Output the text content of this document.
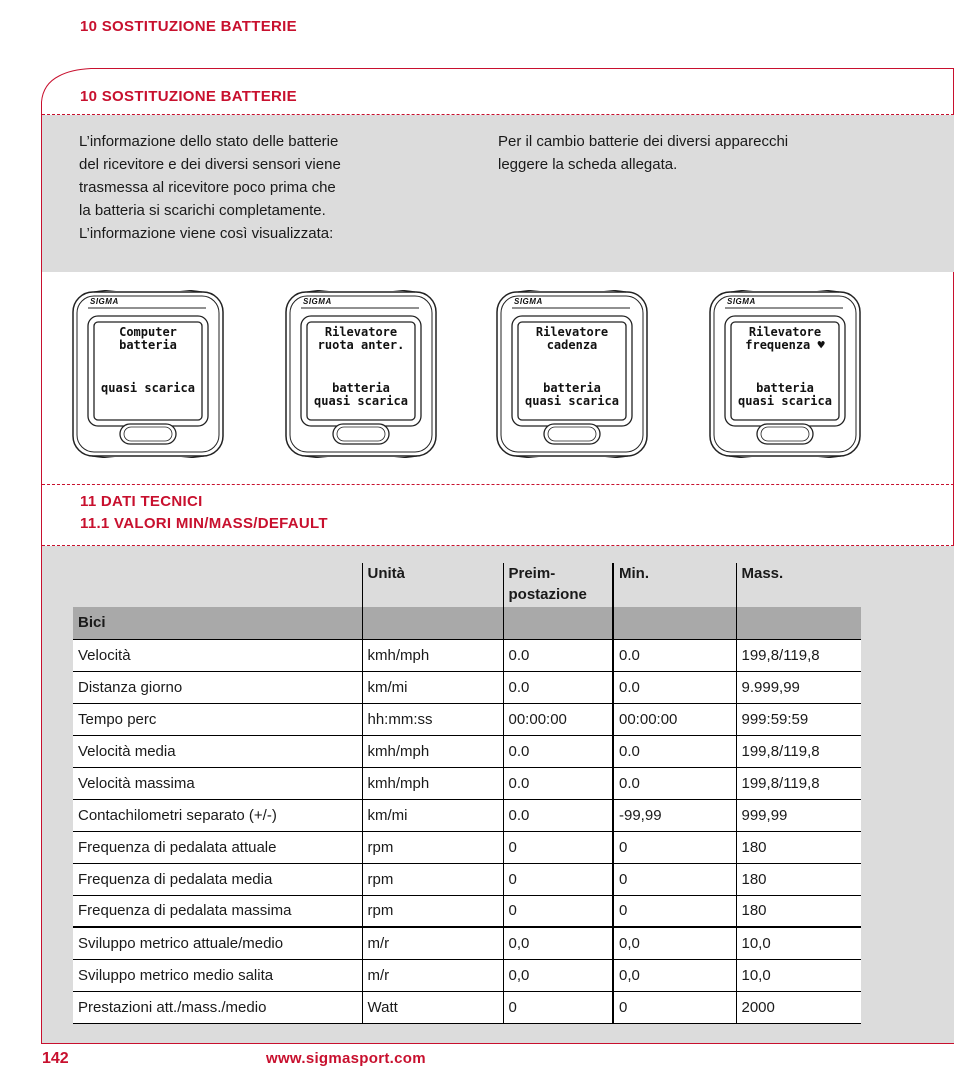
10 SOSTITUZIONE BATTERIE
10 SOSTITUZIONE BATTERIE

L’informazione dello stato delle batterie
del ricevitore e dei diversi sensori viene
trasmessa al ricevitore poco prima che
la batteria si scarichi completamente.
L’informazione viene così visualizzata:

Per il cambio batterie dei diversi apparecchi
leggere la scheda allegata.

SIGMA
Computer
batteria
quasi scarica
SIGMA
Rilevatore
ruota anter.
batteria
quasi scarica
SIGMA
Rilevatore
cadenza
batteria
quasi scarica
SIGMA
Rilevatore
frequenza ♥
batteria
quasi scarica
11 DATI TECNICI
11.1 VALORI MIN/MASS/DEFAULT
	Unità	Preim-
postazione	Min.	Mass.
Bici				
Velocità	kmh/mph	0.0	0.0	199,8/119,8
Distanza giorno	km/mi	0.0	0.0	9.999,99
Tempo perc	hh:mm:ss	00:00:00	00:00:00	999:59:59
Velocità media	kmh/mph	0.0	0.0	199,8/119,8
Velocità massima	kmh/mph	0.0	0.0	199,8/119,8
Contachilometri separato (+/-)	km/mi	0.0	-99,99	999,99
Frequenza di pedalata attuale	rpm	0	0	180
Frequenza di pedalata media	rpm	0	0	180
Frequenza di pedalata massima	rpm	0	0	180
Sviluppo metrico attuale/medio	m/r	0,0	0,0	10,0
Sviluppo metrico medio salita	m/r	0,0	0,0	10,0
Prestazioni att./mass./medio	Watt	0	0	2000
142	www.sigmasport.com
